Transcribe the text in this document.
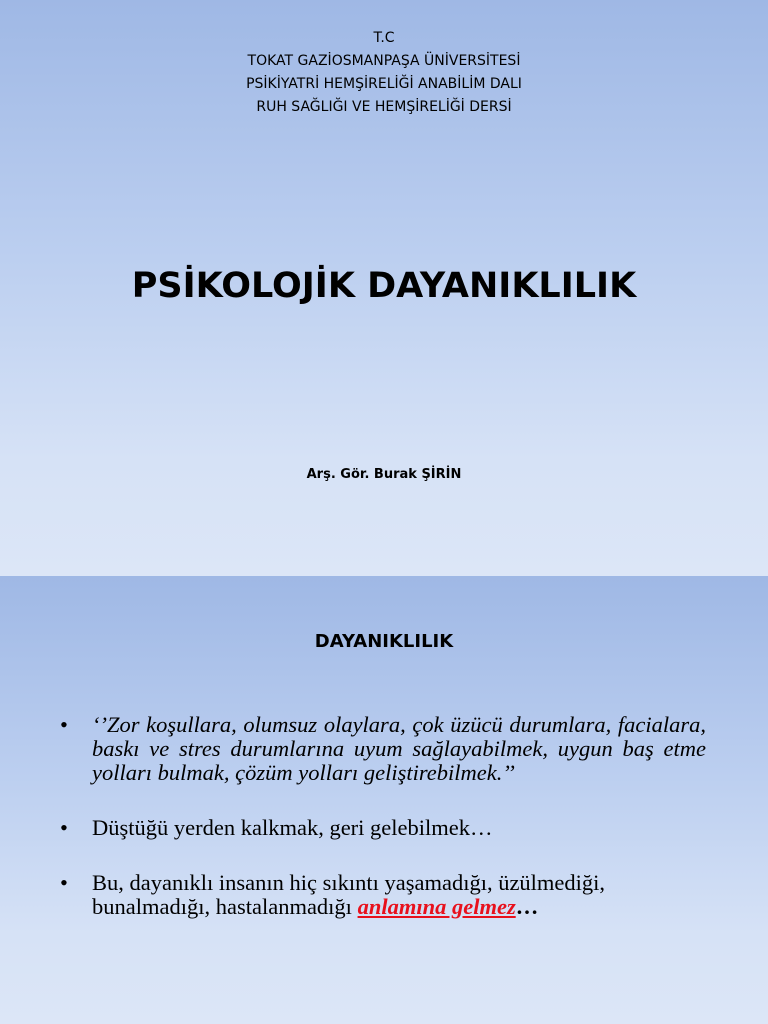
T.C
TOKAT GAZİOSMANPAŞA ÜNİVERSİTESİ
PSİKİYATRİ HEMŞİRELİĞİ ANABİLİM DALI
RUH SAĞLIĞI VE HEMŞİRELİĞİ DERSİ
PSİKOLOJİK DAYANIKLILIK
Arş. Gör. Burak ŞİRİN
DAYANIKLILIK
• ‘’Zor koşullara, olumsuz olaylara, çok üzücü durumlara, facialara, baskı ve stres durumlarına uyum sağlayabilmek, uygun baş etme yolları bulmak, çözüm yolları geliştirebilmek.’’
• Düştüğü yerden kalkmak, geri gelebilmek…
• Bu, dayanıklı insanın hiç sıkıntı yaşamadığı, üzülmediği, bunalmadığı, hastalanmadığı anlamına gelmez…
